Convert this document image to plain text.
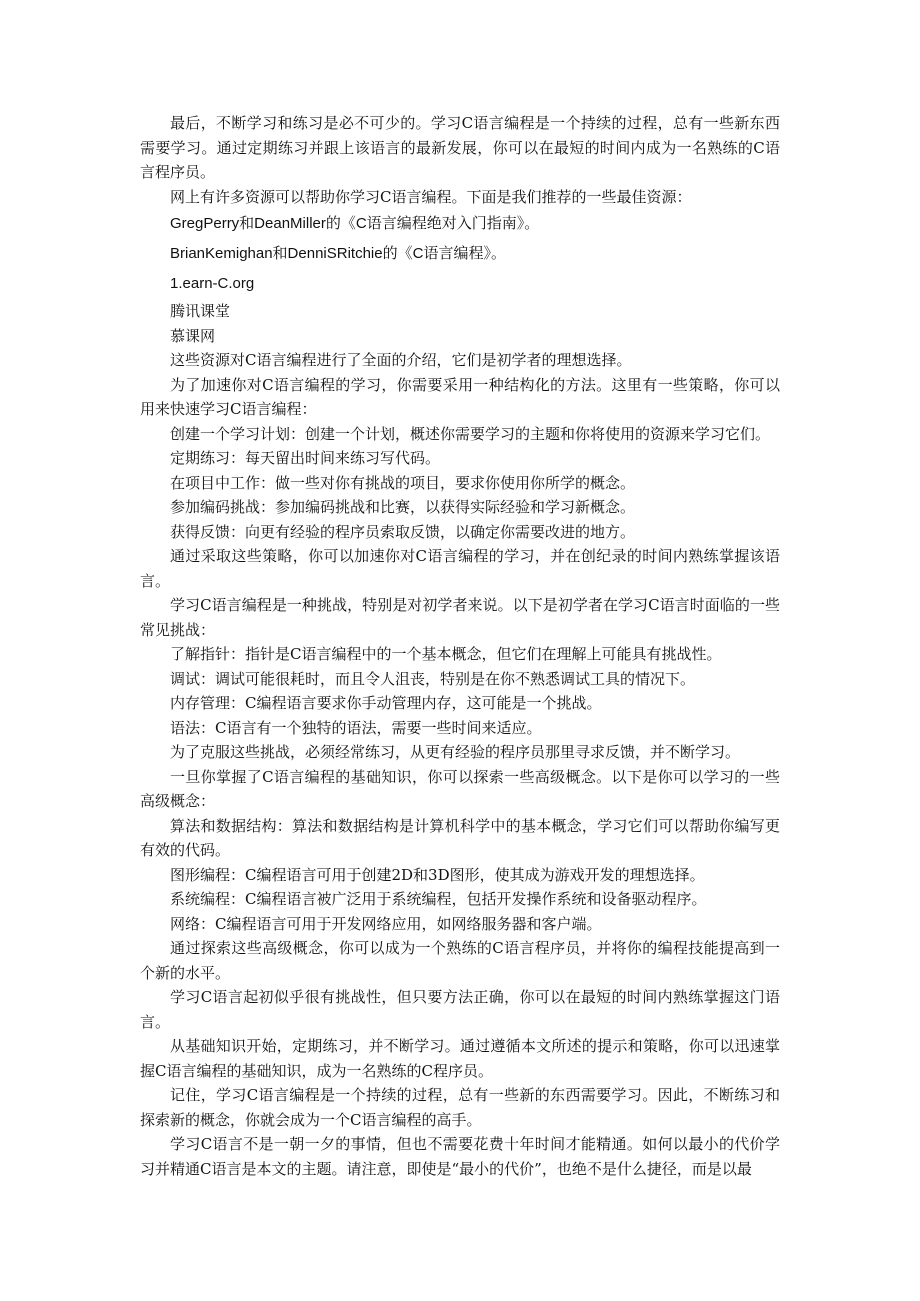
最后，不断学习和练习是必不可少的。学习C语言编程是一个持续的过程，总有一些新东西需要学习。通过定期练习并跟上该语言的最新发展，你可以在最短的时间内成为一名熟练的C语言程序员。

网上有许多资源可以帮助你学习C语言编程。下面是我们推荐的一些最佳资源：

GregPerry和DeanMiller的《C语言编程绝对入门指南》。

BrianKemighan和DenniSRitchie的《C语言编程》。

1.earn-C.org

腾讯课堂

慕课网

这些资源对C语言编程进行了全面的介绍，它们是初学者的理想选择。

为了加速你对C语言编程的学习，你需要采用一种结构化的方法。这里有一些策略，你可以用来快速学习C语言编程：

创建一个学习计划：创建一个计划，概述你需要学习的主题和你将使用的资源来学习它们。

定期练习：每天留出时间来练习写代码。

在项目中工作：做一些对你有挑战的项目，要求你使用你所学的概念。

参加编码挑战：参加编码挑战和比赛，以获得实际经验和学习新概念。

获得反馈：向更有经验的程序员索取反馈，以确定你需要改进的地方。

通过采取这些策略，你可以加速你对C语言编程的学习，并在创纪录的时间内熟练掌握该语言。

学习C语言编程是一种挑战，特别是对初学者来说。以下是初学者在学习C语言时面临的一些常见挑战：

了解指针：指针是C语言编程中的一个基本概念，但它们在理解上可能具有挑战性。

调试：调试可能很耗时，而且令人沮丧，特别是在你不熟悉调试工具的情况下。

内存管理：C编程语言要求你手动管理内存，这可能是一个挑战。

语法：C语言有一个独特的语法，需要一些时间来适应。

为了克服这些挑战，必须经常练习，从更有经验的程序员那里寻求反馈，并不断学习。

一旦你掌握了C语言编程的基础知识，你可以探索一些高级概念。以下是你可以学习的一些高级概念：

算法和数据结构：算法和数据结构是计算机科学中的基本概念，学习它们可以帮助你编写更有效的代码。

图形编程：C编程语言可用于创建2D和3D图形，使其成为游戏开发的理想选择。

系统编程：C编程语言被广泛用于系统编程，包括开发操作系统和设备驱动程序。

网络：C编程语言可用于开发网络应用，如网络服务器和客户端。

通过探索这些高级概念，你可以成为一个熟练的C语言程序员，并将你的编程技能提高到一个新的水平。

学习C语言起初似乎很有挑战性，但只要方法正确，你可以在最短的时间内熟练掌握这门语言。

从基础知识开始，定期练习，并不断学习。通过遵循本文所述的提示和策略，你可以迅速掌握C语言编程的基础知识，成为一名熟练的C程序员。

记住，学习C语言编程是一个持续的过程，总有一些新的东西需要学习。因此，不断练习和探索新的概念，你就会成为一个C语言编程的高手。

学习C语言不是一朝一夕的事情，但也不需要花费十年时间才能精通。如何以最小的代价学习并精通C语言是本文的主题。请注意，即使是“最小的代价”，也绝不是什么捷径，而是以最
